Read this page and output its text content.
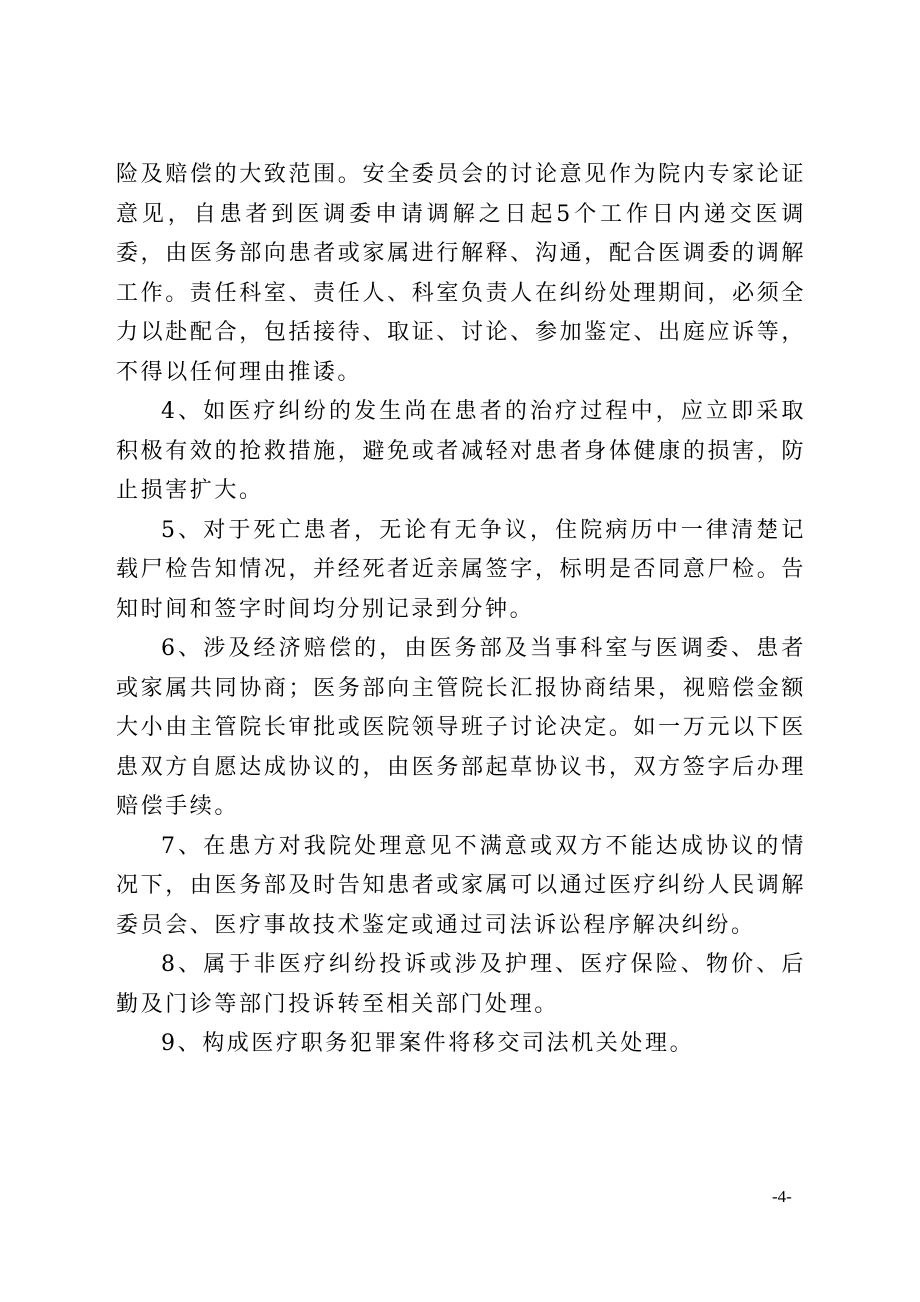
险及赔偿的大致范围。安全委员会的讨论意见作为院内专家论证意见，自患者到医调委申请调解之日起5个工作日内递交医调委，由医务部向患者或家属进行解释、沟通，配合医调委的调解工作。责任科室、责任人、科室负责人在纠纷处理期间，必须全力以赴配合，包括接待、取证、讨论、参加鉴定、出庭应诉等，不得以任何理由推诿。

4、如医疗纠纷的发生尚在患者的治疗过程中，应立即采取积极有效的抢救措施，避免或者减轻对患者身体健康的损害，防止损害扩大。

5、对于死亡患者，无论有无争议，住院病历中一律清楚记载尸检告知情况，并经死者近亲属签字，标明是否同意尸检。告知时间和签字时间均分别记录到分钟。

6、涉及经济赔偿的，由医务部及当事科室与医调委、患者或家属共同协商；医务部向主管院长汇报协商结果，视赔偿金额大小由主管院长审批或医院领导班子讨论决定。如一万元以下医患双方自愿达成协议的，由医务部起草协议书，双方签字后办理赔偿手续。

7、在患方对我院处理意见不满意或双方不能达成协议的情况下，由医务部及时告知患者或家属可以通过医疗纠纷人民调解委员会、医疗事故技术鉴定或通过司法诉讼程序解决纠纷。

8、属于非医疗纠纷投诉或涉及护理、医疗保险、物价、后勤及门诊等部门投诉转至相关部门处理。

9、构成医疗职务犯罪案件将移交司法机关处理。

-4-
